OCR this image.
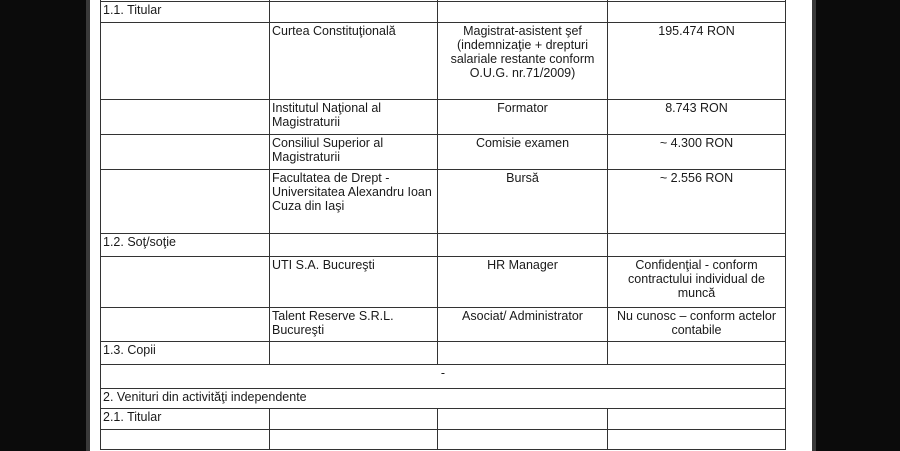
1.1. Titular			
	Curtea Constituţională	Magistrat-asistent şef (indemnizaţie + drepturi salariale restante conform O.U.G. nr.71/2009)	195.474 RON
	Institutul Naţional al Magistraturii	Formator	8.743 RON
	Consiliul Superior al Magistraturii	Comisie examen	~ 4.300 RON
	Facultatea de Drept - Universitatea Alexandru Ioan Cuza din Iaşi	Bursă	~ 2.556 RON
1.2. Soţ/soţie			
	UTI S.A. Bucureşti	HR Manager	Confidenţial - conform contractului individual de muncă
	Talent Reserve S.R.L. Bucureşti	Asociat/ Administrator	Nu cunosc – conform actelor contabile
1.3. Copii			
-			
2. Venituri din activităţi independente			
2.1. Titular			
